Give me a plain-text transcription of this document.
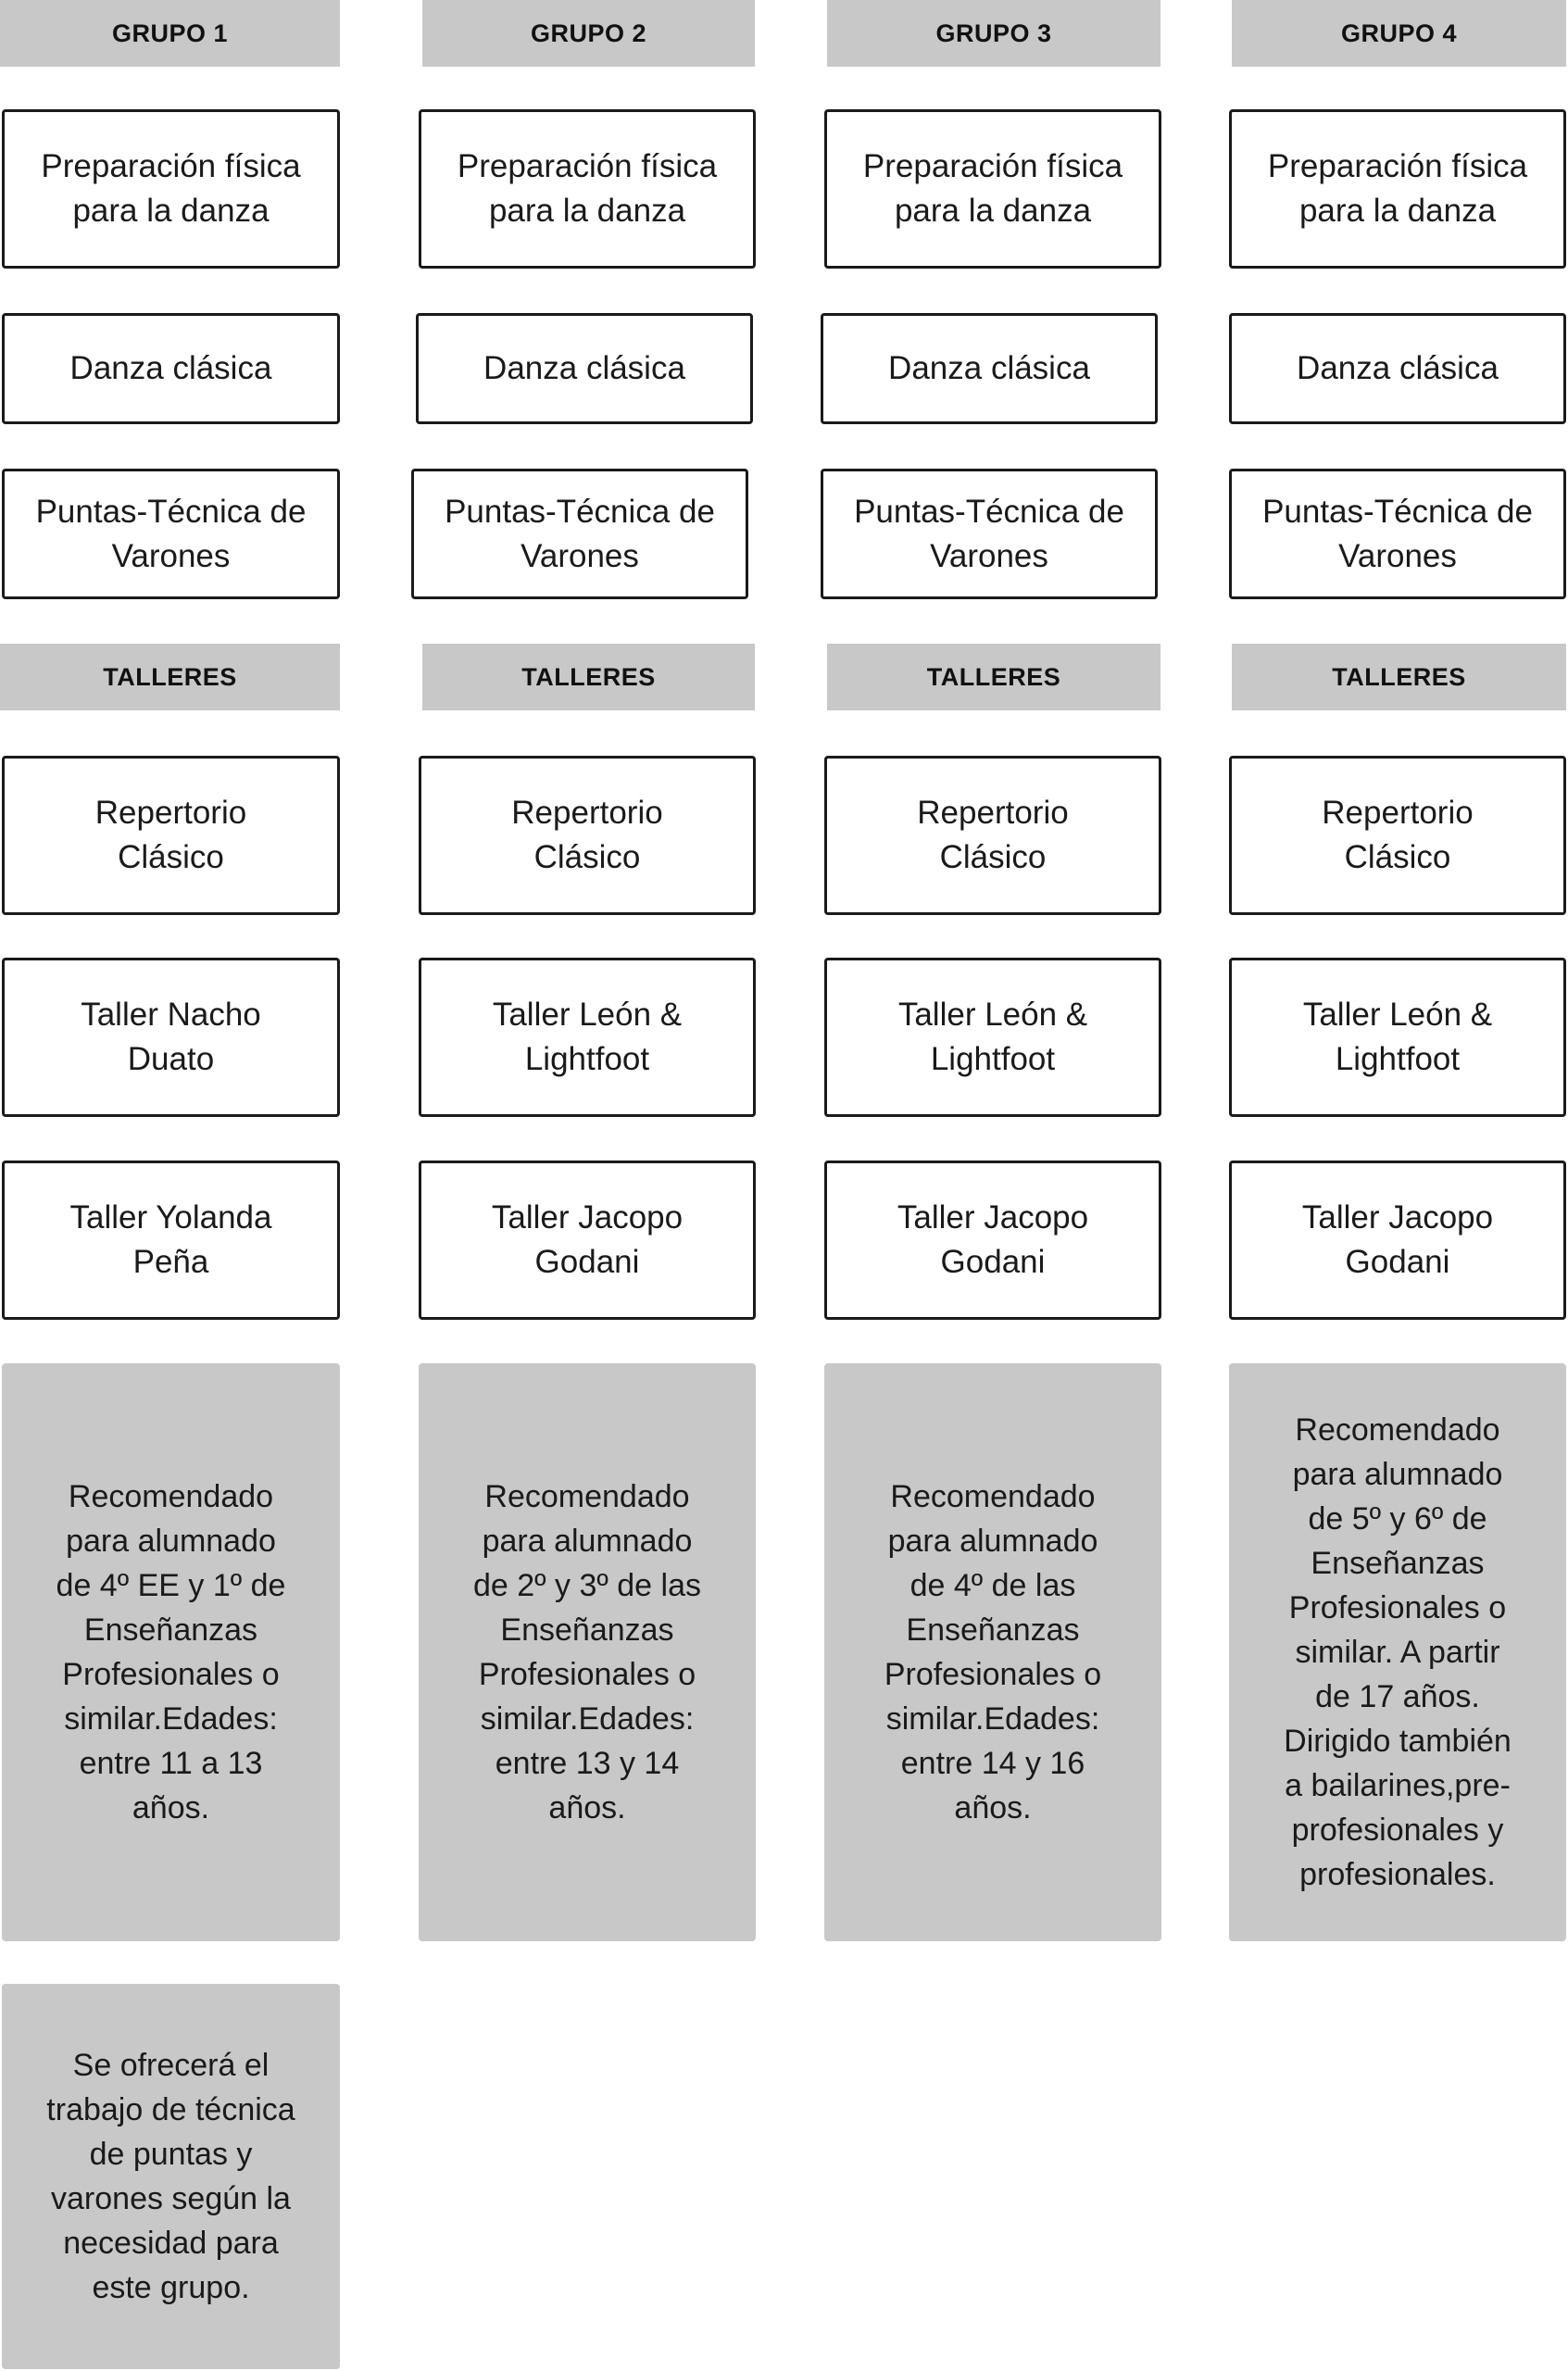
GRUPO 1
Preparación física
para la danza
Danza clásica
Puntas-Técnica de
Varones
TALLERES
Repertorio
Clásico
Taller Nacho
Duato
Taller Yolanda
Peña
Recomendado
para alumnado
de 4º EE y 1º de
Enseñanzas
Profesionales o
similar.Edades:
entre 11 a 13
años.
GRUPO 2
Preparación física
para la danza
Danza clásica
Puntas-Técnica de
Varones
TALLERES
Repertorio
Clásico
Taller León &
Lightfoot
Taller Jacopo
Godani
Recomendado
para alumnado
de 2º y 3º de las
Enseñanzas
Profesionales o
similar.Edades:
entre 13 y 14
años.
GRUPO 3
Preparación física
para la danza
Danza clásica
Puntas-Técnica de
Varones
TALLERES
Repertorio
Clásico
Taller León &
Lightfoot
Taller Jacopo
Godani
Recomendado
para alumnado
de 4º de las
Enseñanzas
Profesionales o
similar.Edades:
entre 14 y 16
años.
GRUPO 4
Preparación física
para la danza
Danza clásica
Puntas-Técnica de
Varones
TALLERES
Repertorio
Clásico
Taller León &
Lightfoot
Taller Jacopo
Godani
Recomendado
para alumnado
de 5º y 6º de
Enseñanzas
Profesionales o
similar. A partir
de 17 años.
Dirigido también
a bailarines,pre-
profesionales y
profesionales.
Se ofrecerá el
trabajo de técnica
de puntas y
varones según la
necesidad para
este grupo.
